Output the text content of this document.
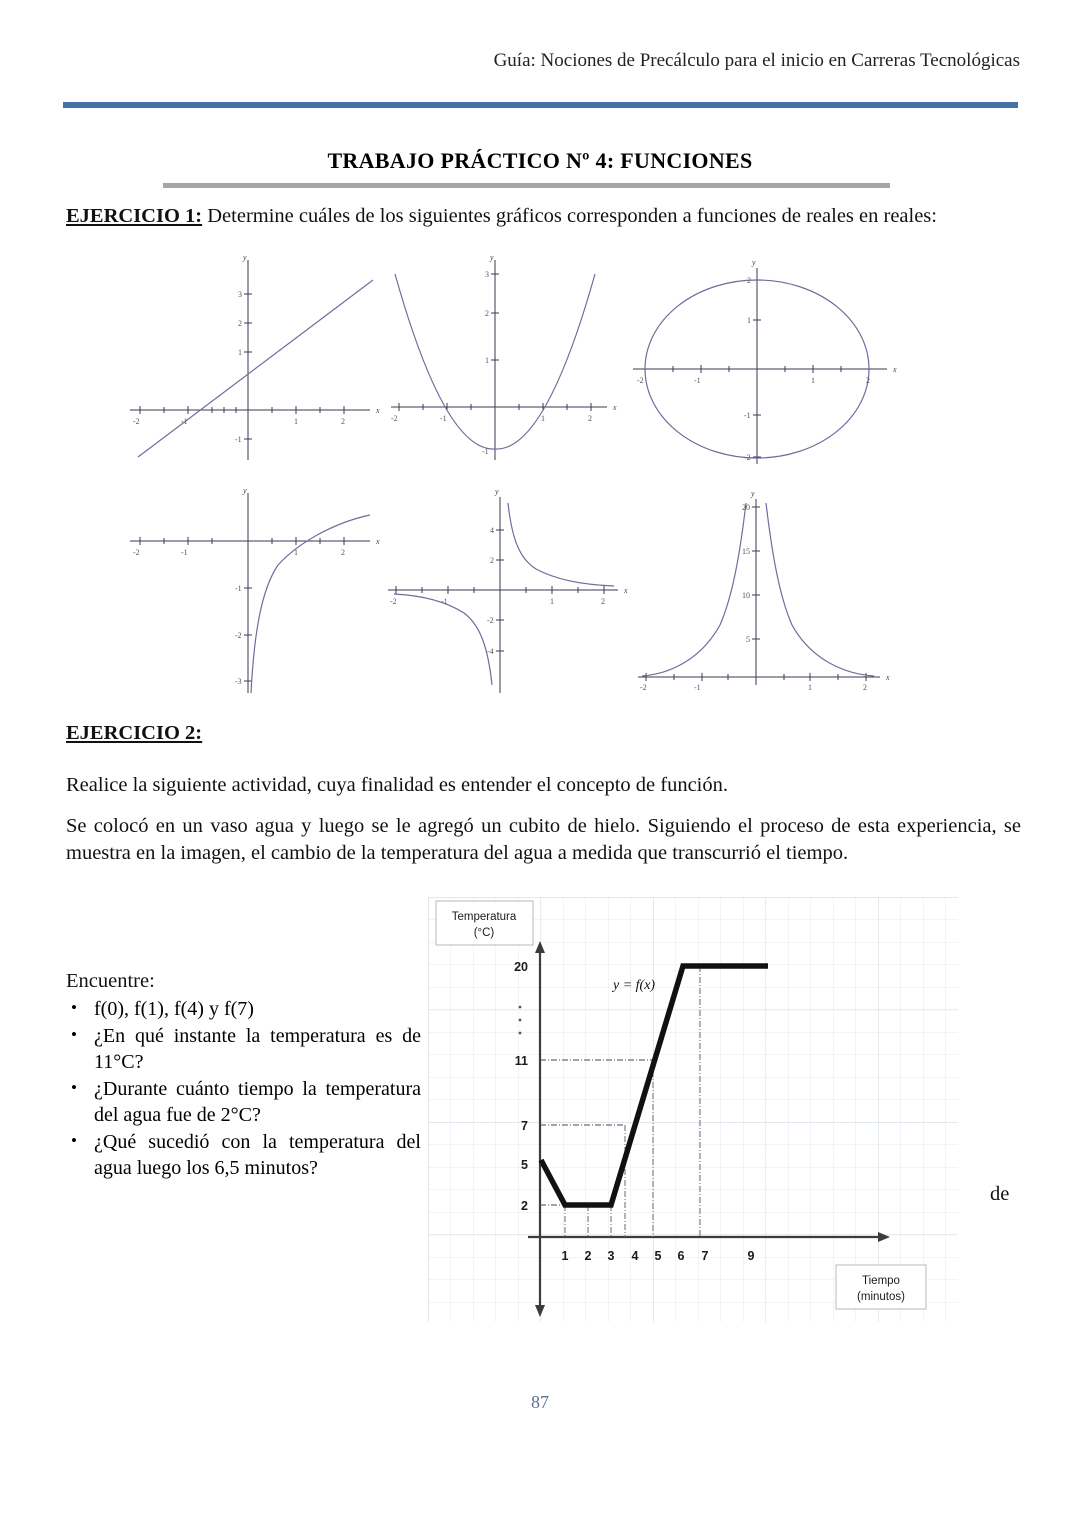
Guía: Nociones de Precálculo para el inicio en Carreras Tecnológicas
TRABAJO PRÁCTICO Nº 4: FUNCIONES
EJERCICIO 1: Determine cuáles de los siguientes gráficos corresponden a funciones de reales en reales:
y
x
-2	-1	1	2
1
2
3
-1
y
x
-2	-1	1	2
1
2
3
-1
y
x
-2	-1	1	2
1
2
-1
-2
y
x
-2	-1	1	2
-1
-2
-3
y
x
-2	-1	1	2
4
2
-2
-4
y
x
-2	-1	1	2
20
15
10
5
EJERCICIO 2:
Realice la siguiente actividad, cuya finalidad es entender el concepto de función.
Se colocó en un vaso agua y luego se le agregó un cubito de hielo. Siguiendo el proceso de esta experiencia, se muestra en la imagen, el cambio de la temperatura del agua a medida que transcurrió el tiempo.
Encuentre:
de
• f(0), f(1), f(4) y f(7)
• ¿En qué instante la temperatura es de 11°C?
• ¿Durante cuánto tiempo la temperatura del agua fue de 2°C?
• ¿Qué sucedió con la temperatura del agua luego los 6,5 minutos?
y = f(x)
20
11
7
5
2
1 2 3 4 5 6 7	9
Temperatura
(°C)
Tiempo
(minutos)
87
